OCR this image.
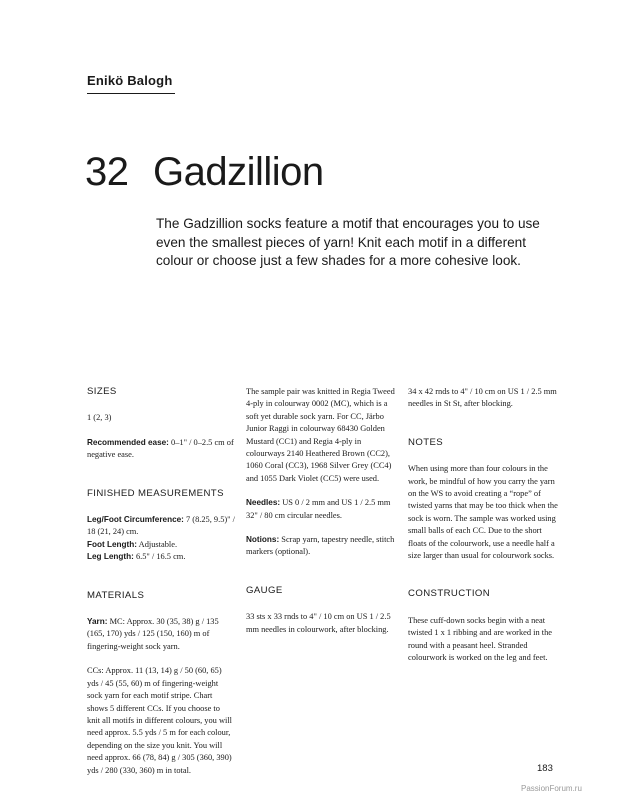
Enikö Balogh
32 Gadzillion
The Gadzillion socks feature a motif that encourages you to use even the smallest pieces of yarn! Knit each motif in a different colour or choose just a few shades for a more cohesive look.
SIZES
1 (2, 3)
Recommended ease: 0–1" / 0–2.5 cm of negative ease.
FINISHED MEASUREMENTS
Leg/Foot Circumference: 7 (8.25, 9.5)" / 18 (21, 24) cm.
Foot Length: Adjustable.
Leg Length: 6.5" / 16.5 cm.
MATERIALS
Yarn: MC: Approx. 30 (35, 38) g / 135 (165, 170) yds / 125 (150, 160) m of fingering-weight sock yarn.
CCs: Approx. 11 (13, 14) g / 50 (60, 65) yds / 45 (55, 60) m of fingering-weight sock yarn for each motif stripe. Chart shows 5 different CCs. If you choose to knit all motifs in different colours, you will need approx. 5.5 yds / 5 m for each colour, depending on the size you knit. You will need approx. 66 (78, 84) g / 305 (360, 390) yds / 280 (330, 360) m in total.
The sample pair was knitted in Regia Tweed 4-ply in colourway 0002 (MC), which is a soft yet durable sock yarn. For CC, Järbo Junior Raggi in colourway 68430 Golden Mustard (CC1) and Regia 4-ply in colourways 2140 Heathered Brown (CC2), 1060 Coral (CC3), 1968 Silver Grey (CC4) and 1055 Dark Violet (CC5) were used.
Needles: US 0 / 2 mm and US 1 / 2.5 mm 32" / 80 cm circular needles.
Notions: Scrap yarn, tapestry needle, stitch markers (optional).
GAUGE
33 sts x 33 rnds to 4" / 10 cm on US 1 / 2.5 mm needles in colourwork, after blocking.
34 x 42 rnds to 4" / 10 cm on US 1 / 2.5 mm needles in St St, after blocking.
NOTES
When using more than four colours in the work, be mindful of how you carry the yarn on the WS to avoid creating a “rope” of twisted yarns that may be too thick when the sock is worn. The sample was worked using small balls of each CC. Due to the short floats of the colourwork, use a needle half a size larger than usual for colourwork socks.
CONSTRUCTION
These cuff-down socks begin with a neat twisted 1 x 1 ribbing and are worked in the round with a peasant heel. Stranded colourwork is worked on the leg and feet.
183
PassionForum.ru
